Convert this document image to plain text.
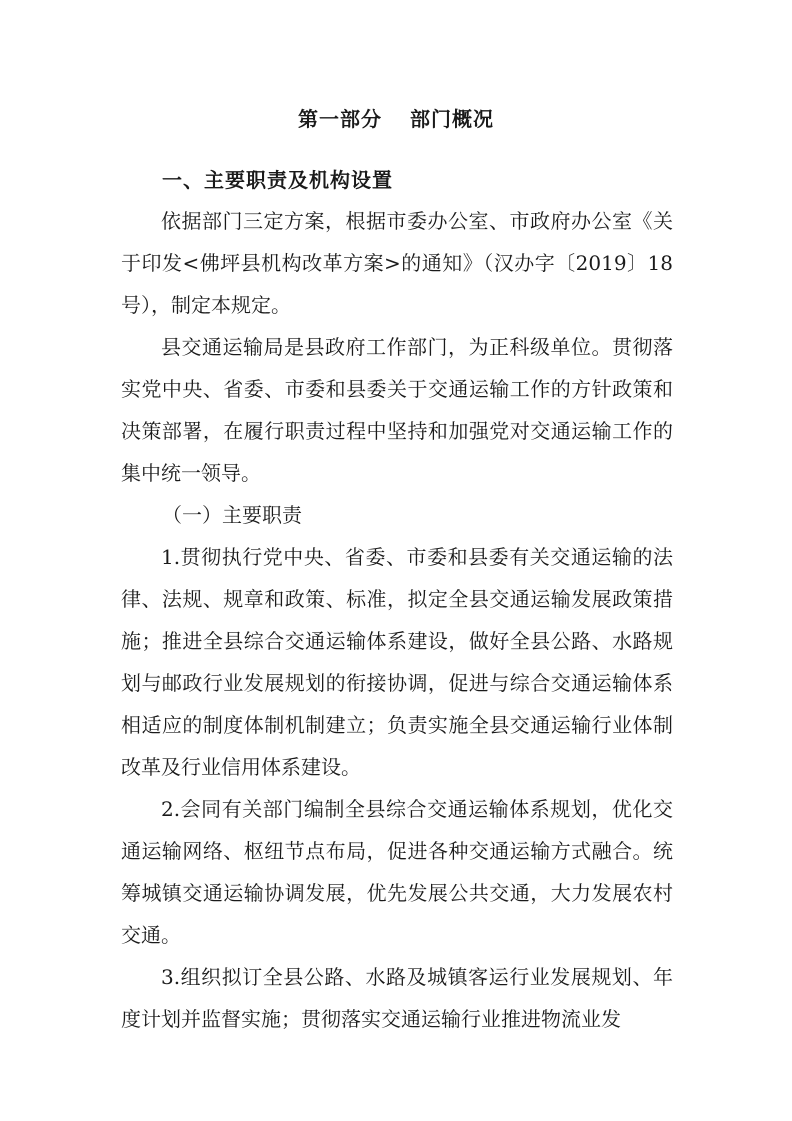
第一部分 部门概况
一、主要职责及机构设置

依据部门三定方案，根据市委办公室、市政府办公室《关于印发<佛坪县机构改革方案>的通知》（汉办字〔2019〕18号），制定本规定。

县交通运输局是县政府工作部门，为正科级单位。贯彻落实党中央、省委、市委和县委关于交通运输工作的方针政策和决策部署，在履行职责过程中坚持和加强党对交通运输工作的集中统一领导。

（一）主要职责

1.贯彻执行党中央、省委、市委和县委有关交通运输的法律、法规、规章和政策、标准，拟定全县交通运输发展政策措施；推进全县综合交通运输体系建设，做好全县公路、水路规划与邮政行业发展规划的衔接协调，促进与综合交通运输体系相适应的制度体制机制建立；负责实施全县交通运输行业体制改革及行业信用体系建设。

2.会同有关部门编制全县综合交通运输体系规划，优化交通运输网络、枢纽节点布局，促进各种交通运输方式融合。统筹城镇交通运输协调发展，优先发展公共交通，大力发展农村交通。

3.组织拟订全县公路、水路及城镇客运行业发展规划、年度计划并监督实施；贯彻落实交通运输行业推进物流业发
